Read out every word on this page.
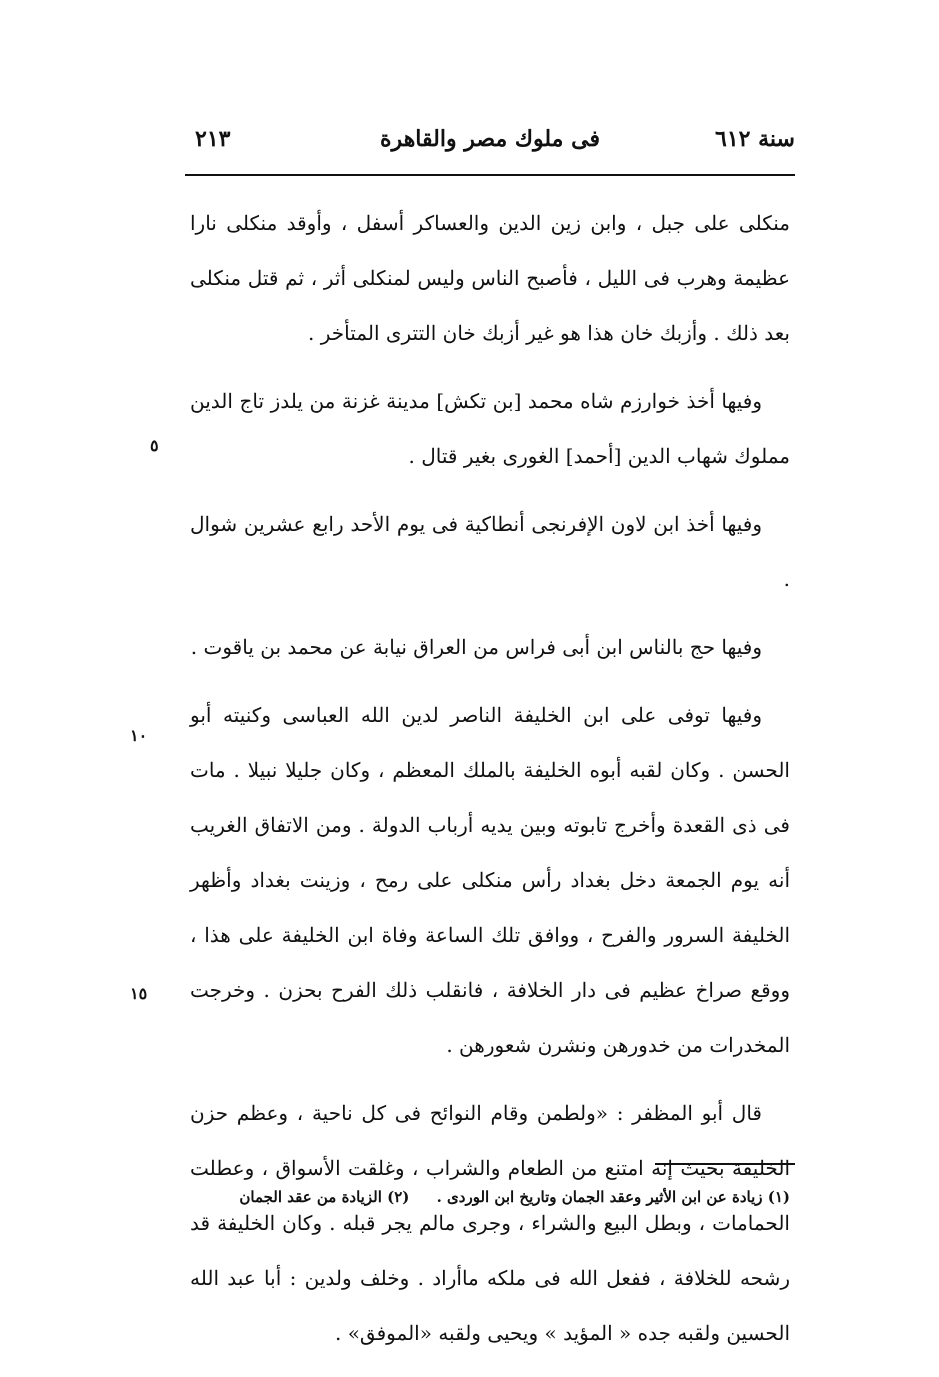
سنة ٦١٢
فى ملوك مصر والقاهرة
٢١٣

منكلى على جبل ، وابن زين الدين والعساكر أسفل ، وأوقد منكلى نارا عظيمة وهرب فى الليل ، فأصبح الناس وليس لمنكلى أثر ، ثم قتل منكلى بعد ذلك . وأزبك خان هذا هو غير أزبك خان التترى المتأخر .

وفيها أخذ خوارزم شاه محمد [بن تكش] مدينة غزنة من يلدز تاج الدين مملوك شهاب الدين [أحمد] الغورى بغير قتال .

وفيها أخذ ابن لاون الإفرنجى أنطاكية فى يوم الأحد رابع عشرين شوال .

وفيها حج بالناس ابن أبى فراس من العراق نيابة عن محمد بن ياقوت .

وفيها توفى على ابن الخليفة الناصر لدين الله العباسى وكنيته أبو الحسن . وكان لقبه أبوه الخليفة بالملك المعظم ، وكان جليلا نبيلا . مات فى ذى القعدة وأخرج تابوته وبين يديه أرباب الدولة . ومن الاتفاق الغريب أنه يوم الجمعة دخل بغداد رأس منكلى على رمح ، وزينت بغداد وأظهر الخليفة السرور والفرح ، ووافق تلك الساعة وفاة ابن الخليفة على هذا ، ووقع صراخ عظيم فى دار الخلافة ، فانقلب ذلك الفرح بحزن . وخرجت المخدرات من خدورهن ونشرن شعورهن .

قال أبو المظفر : «ولطمن وقام النوائح فى كل ناحية ، وعظم حزن الخليفة بحيث إنه امتنع من الطعام والشراب ، وغلقت الأسواق ، وعطلت الحمامات ، وبطل البيع والشراء ، وجرى مالم يجر قبله . وكان الخليفة قد رشحه للخلافة ، ففعل الله فى ملكه ماأراد . وخلف ولدين : أبا عبد الله الحسين ولقبه جده « المؤيد » ويحيى ولقبه «الموفق» .

٥
١٠
١٥
(١) زيادة عن ابن الأثير وعقد الجمان وتاريخ ابن الوردى . (٢) الزيادة من عقد الجمان
